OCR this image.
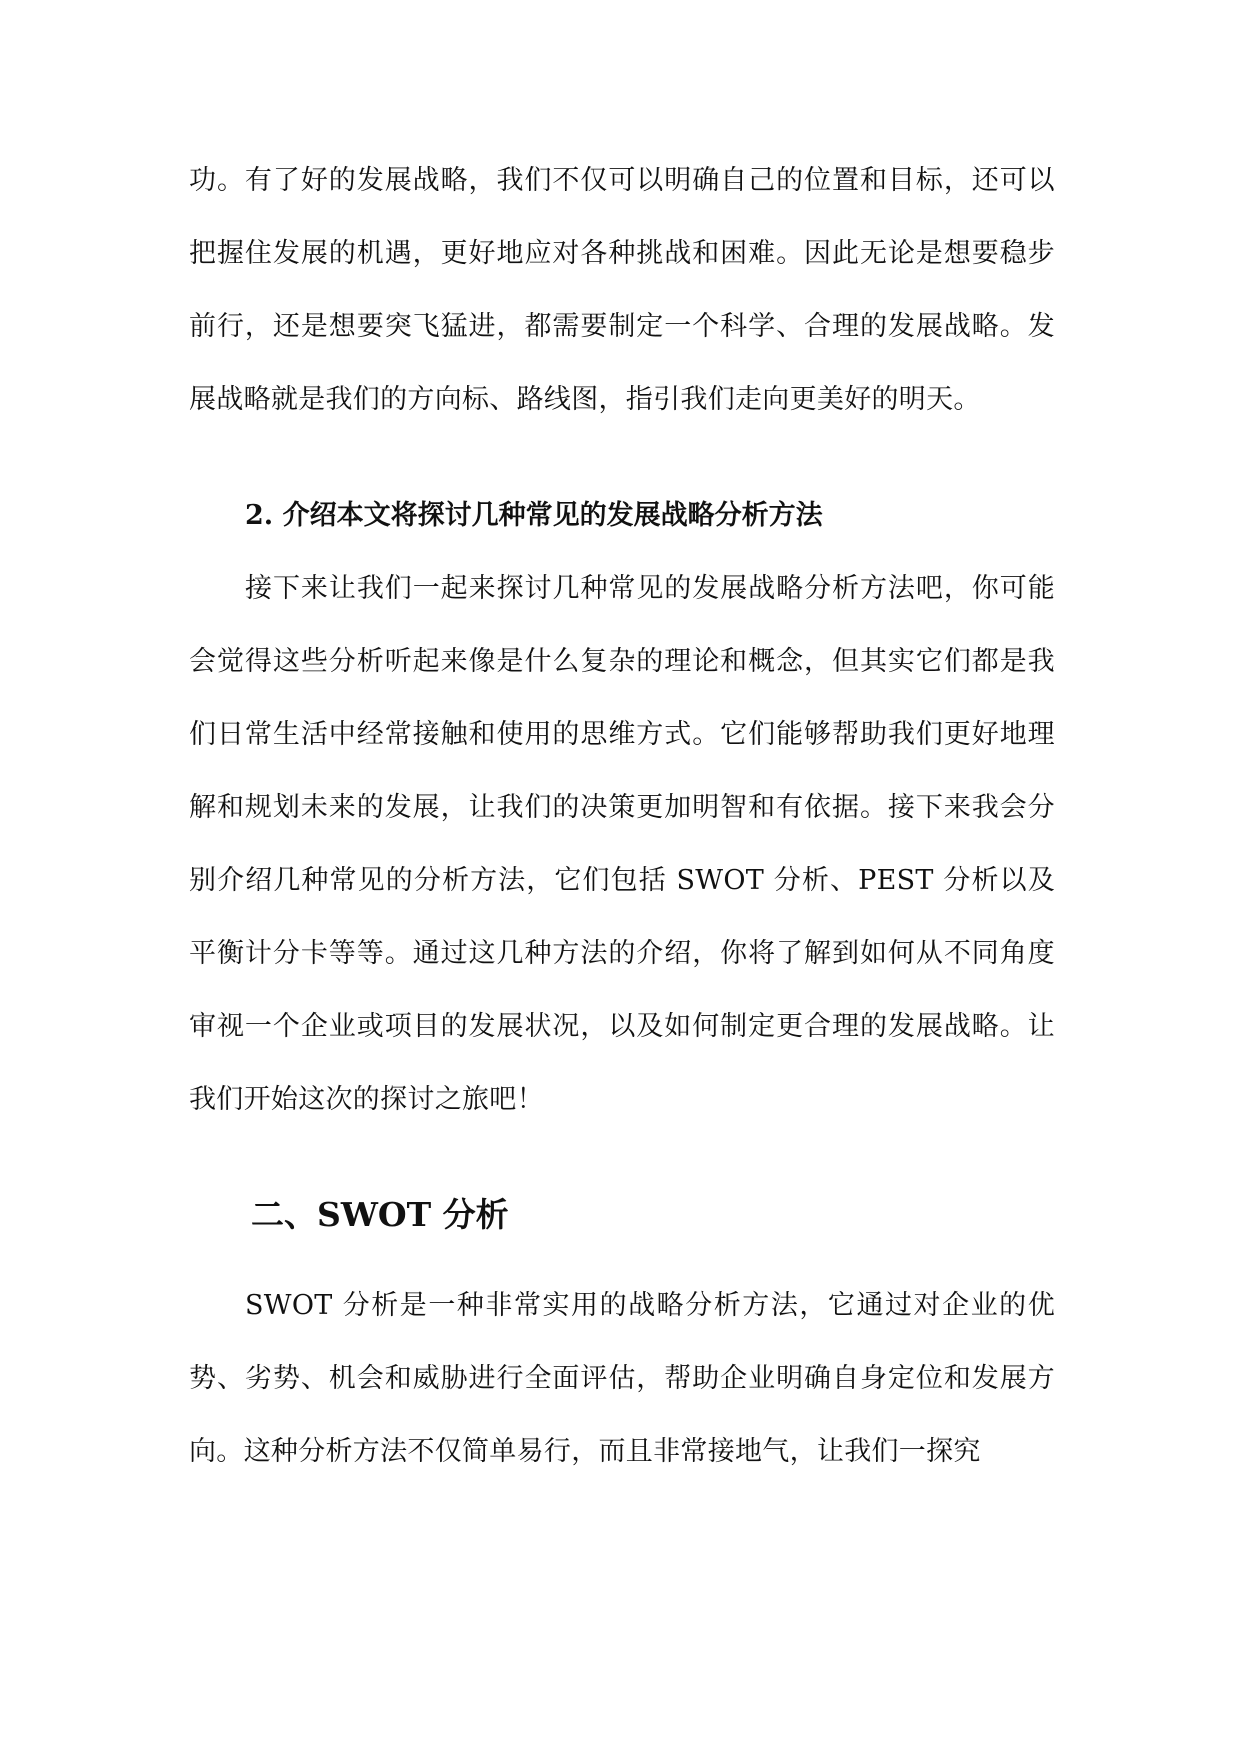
功。有了好的发展战略，我们不仅可以明确自己的位置和目标，还可以把握住发展的机遇，更好地应对各种挑战和困难。因此无论是想要稳步前行，还是想要突飞猛进，都需要制定一个科学、合理的发展战略。发展战略就是我们的方向标、路线图，指引我们走向更美好的明天。

2. 介绍本文将探讨几种常见的发展战略分析方法

接下来让我们一起来探讨几种常见的发展战略分析方法吧，你可能会觉得这些分析听起来像是什么复杂的理论和概念，但其实它们都是我们日常生活中经常接触和使用的思维方式。它们能够帮助我们更好地理解和规划未来的发展，让我们的决策更加明智和有依据。接下来我会分别介绍几种常见的分析方法，它们包括 SWOT 分析、PEST 分析以及平衡计分卡等等。通过这几种方法的介绍，你将了解到如何从不同角度审视一个企业或项目的发展状况，以及如何制定更合理的发展战略。让我们开始这次的探讨之旅吧！

二、SWOT 分析

SWOT 分析是一种非常实用的战略分析方法，它通过对企业的优势、劣势、机会和威胁进行全面评估，帮助企业明确自身定位和发展方向。这种分析方法不仅简单易行，而且非常接地气，让我们一探究
